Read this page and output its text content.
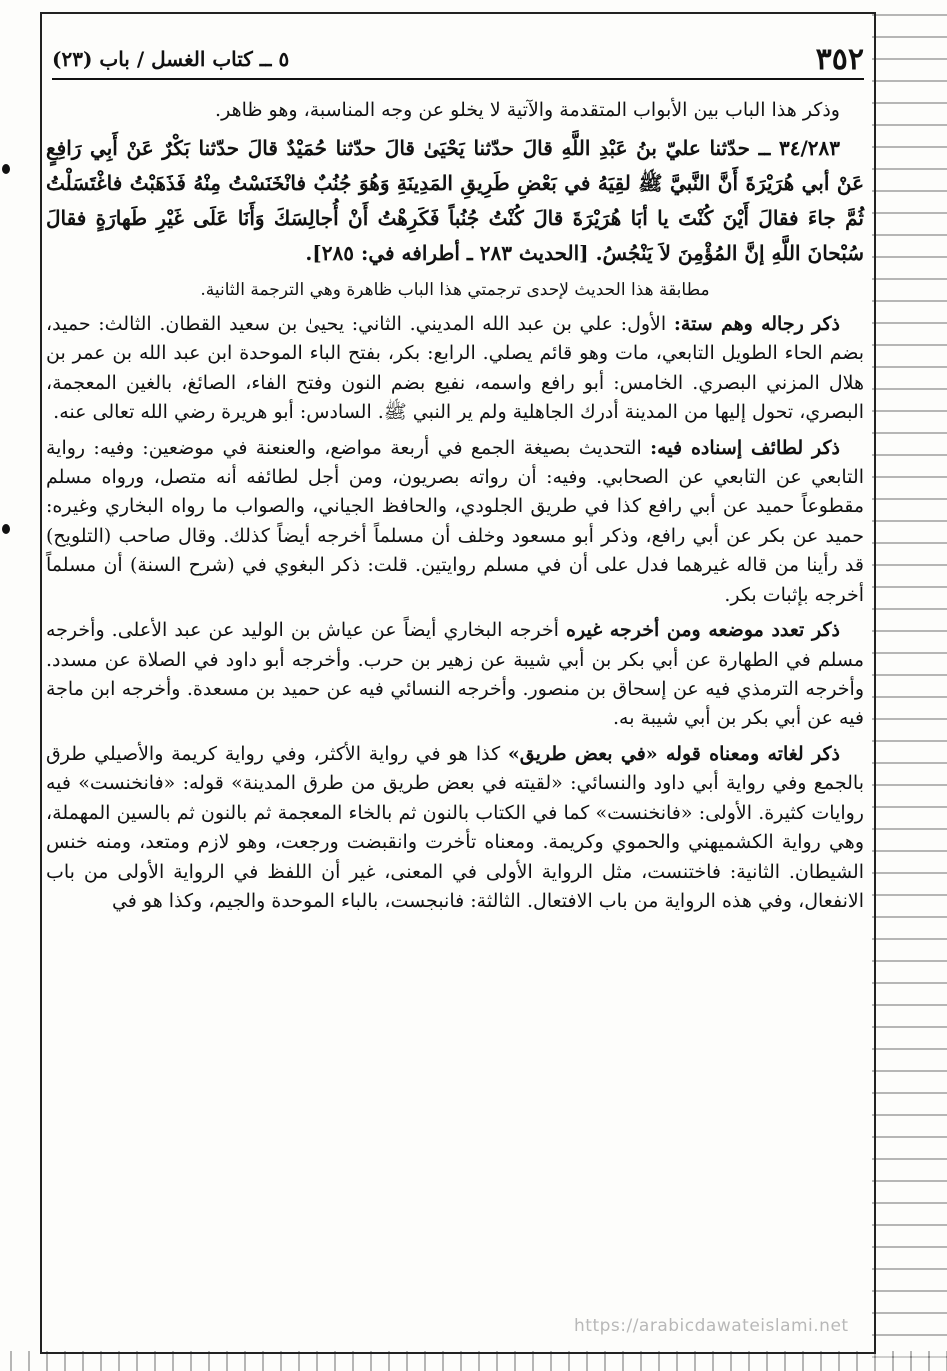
٣٥٢
٥ ــ كتاب الغسل / باب (٢٣)

وذكر هذا الباب بين الأبواب المتقدمة والآتية لا يخلو عن وجه المناسبة، وهو ظاهر.

٣٤/٢٨٣ ــ حدّثنا عليّ بنُ عَبْدِ اللَّهِ قالَ حدّثنا يَحْيَىٰ قالَ حدّثنا حُمَيْدٌ قالَ حدّثنا بَكْرٌ عَنْ أَبِي رَافِعٍ عَنْ أبي هُرَيْرَةَ أَنَّ النَّبيَّ ﷺ لقِيَهُ في بَعْضِ طَرِيقِ المَدِينَةِ وَهُوَ جُنُبٌ فانْخَنَسْتُ مِنْهُ فَذَهَبْتُ فاغْتَسَلْتُ ثُمَّ جاءَ فقالَ أَيْنَ كُنْتَ يا أبَا هُرَيْرَةَ قالَ كُنْتُ جُنُباً فَكَرِهْتُ أَنْ أُجالِسَكَ وَأَنَا عَلَى غَيْرِ طَهارَةٍ فقالَ سُبْحانَ اللَّهِ إنَّ المُؤْمِنَ لاَ يَنْجُسُ. [الحديث ٢٨٣ ـ أطرافه في: ٢٨٥].

مطابقة هذا الحديث لإحدى ترجمتي هذا الباب ظاهرة وهي الترجمة الثانية.

ذكر رجاله وهم ستة: الأول: علي بن عبد الله المديني. الثاني: يحيىٰ بن سعيد القطان. الثالث: حميد، بضم الحاء الطويل التابعي، مات وهو قائم يصلي. الرابع: بكر، بفتح الباء الموحدة ابن عبد الله بن عمر بن هلال المزني البصري. الخامس: أبو رافع واسمه، نفيع بضم النون وفتح الفاء، الصائغ، بالغين المعجمة، البصري، تحول إليها من المدينة أدرك الجاهلية ولم ير النبي ﷺ. السادس: أبو هريرة رضي الله تعالى عنه.

ذكر لطائف إسناده فيه: التحديث بصيغة الجمع في أربعة مواضع، والعنعنة في موضعين: وفيه: رواية التابعي عن التابعي عن الصحابي. وفيه: أن رواته بصريون، ومن أجل لطائفه أنه متصل، ورواه مسلم مقطوعاً حميد عن أبي رافع كذا في طريق الجلودي، والحافظ الجياني، والصواب ما رواه البخاري وغيره: حميد عن بكر عن أبي رافع، وذكر أبو مسعود وخلف أن مسلماً أخرجه أيضاً كذلك. وقال صاحب (التلويح) قد رأينا من قاله غيرهما فدل على أن في مسلم روايتين. قلت: ذكر البغوي في (شرح السنة) أن مسلماً أخرجه بإثبات بكر.

ذكر تعدد موضعه ومن أخرجه غيره أخرجه البخاري أيضاً عن عياش بن الوليد عن عبد الأعلى. وأخرجه مسلم في الطهارة عن أبي بكر بن أبي شيبة عن زهير بن حرب. وأخرجه أبو داود في الصلاة عن مسدد. وأخرجه الترمذي فيه عن إسحاق بن منصور. وأخرجه النسائي فيه عن حميد بن مسعدة. وأخرجه ابن ماجة فيه عن أبي بكر بن أبي شيبة به.

ذكر لغاته ومعناه قوله «في بعض طريق» كذا هو في رواية الأكثر، وفي رواية كريمة والأصيلي طرق بالجمع وفي رواية أبي داود والنسائي: «لقيته في بعض طريق من طرق المدينة» قوله: «فانخنست» فيه روايات كثيرة. الأولى: «فانخنست» كما في الكتاب بالنون ثم بالخاء المعجمة ثم بالنون ثم بالسين المهملة، وهي رواية الكشميهني والحموي وكريمة. ومعناه تأخرت وانقبضت ورجعت، وهو لازم ومتعد، ومنه خنس الشيطان. الثانية: فاختنست، مثل الرواية الأولى في المعنى، غير أن اللفظ في الرواية الأولى من باب الانفعال، وفي هذه الرواية من باب الافتعال. الثالثة: فانبجست، بالباء الموحدة والجيم، وكذا هو في

https://arabicdawateislami.net
